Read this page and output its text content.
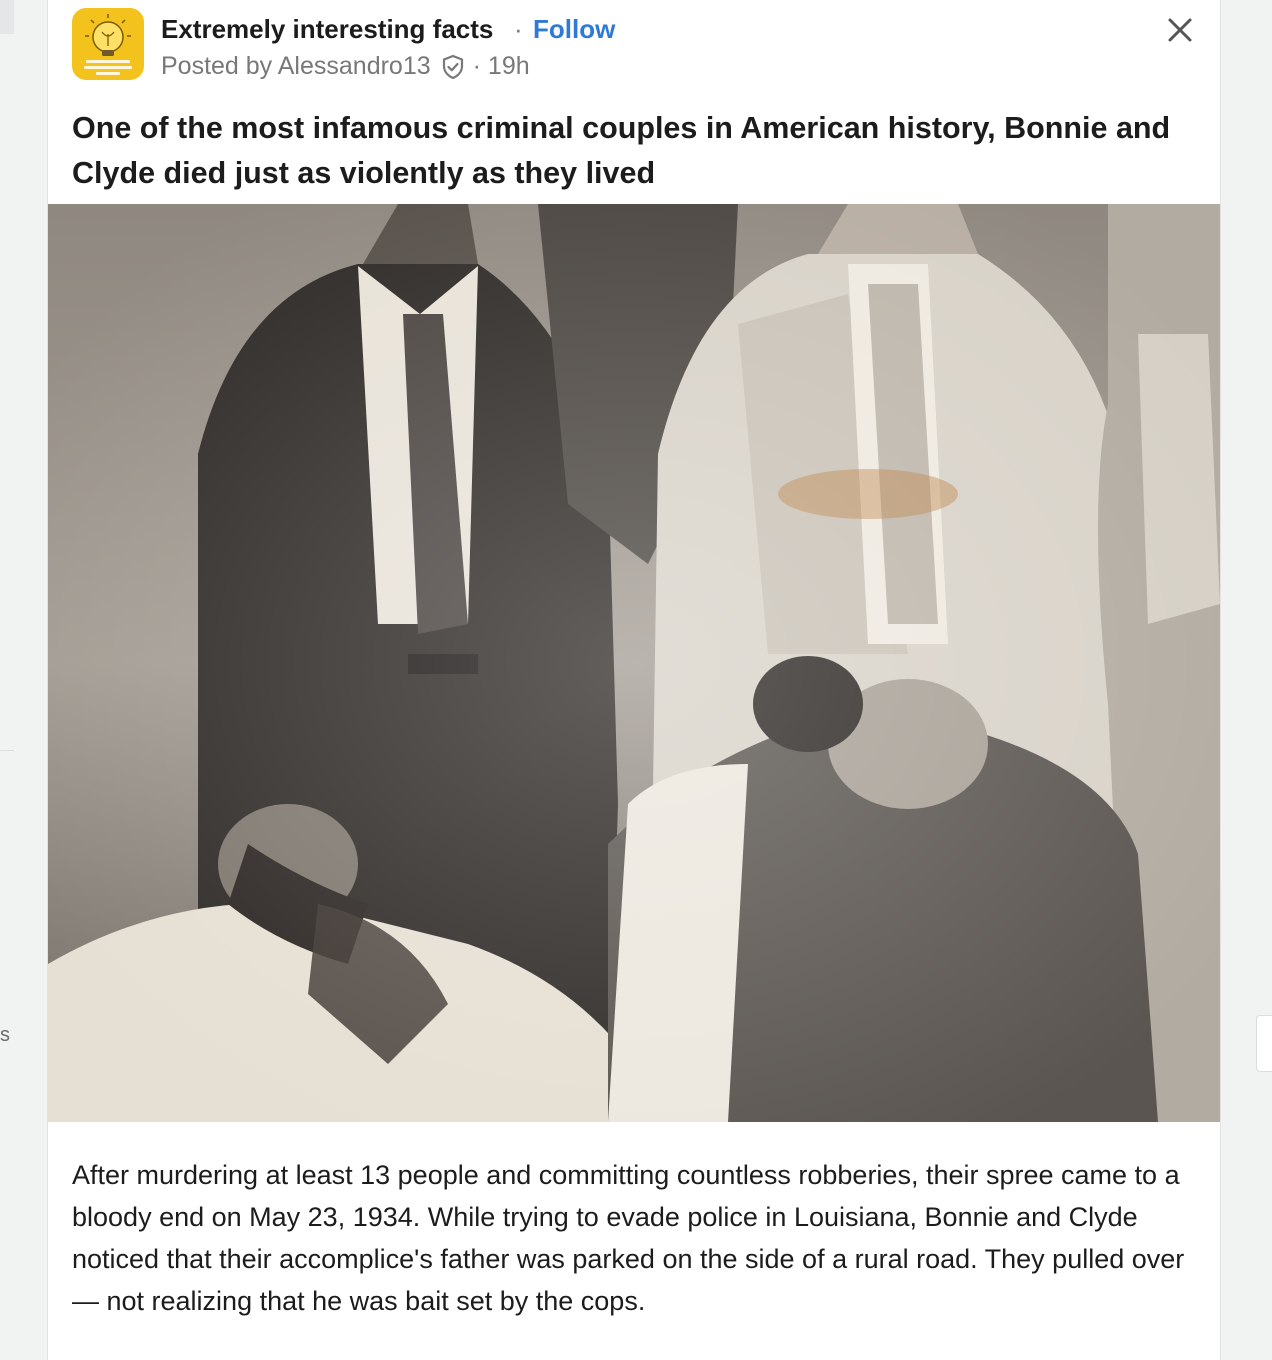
s
Extremely interesting facts · Follow
Posted by Alessandro13 · 19h
One of the most infamous criminal couples in American history, Bonnie and Clyde died just as violently as they lived

After murdering at least 13 people and committing countless robberies, their spree came to a bloody end on May 23, 1934. While trying to evade police in Louisiana, Bonnie and Clyde noticed that their accomplice's father was parked on the side of a rural road. They pulled over — not realizing that he was bait set by the cops.
